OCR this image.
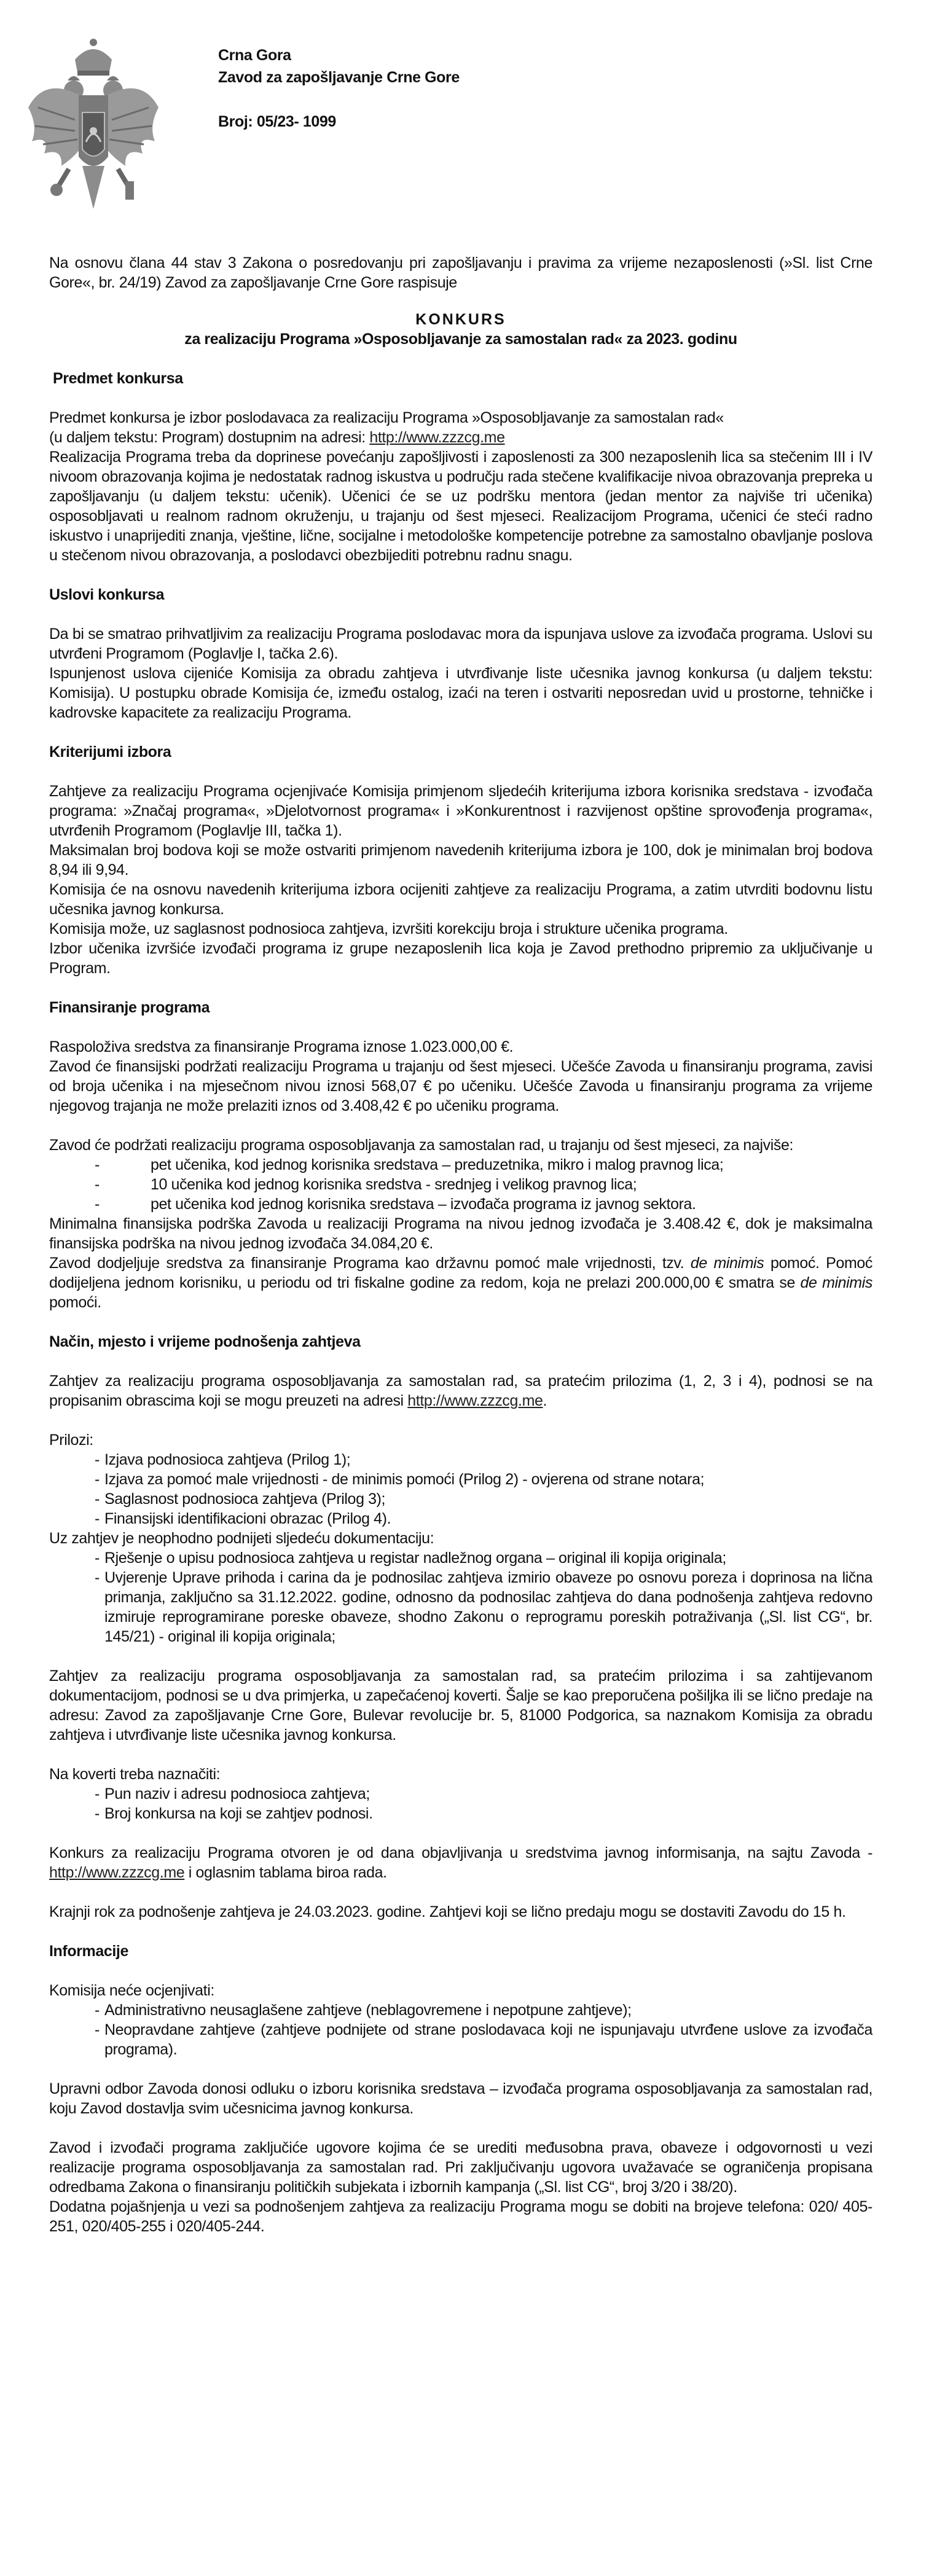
Crna Gora
Zavod za zapošljavanje Crne Gore
Broj: 05/23- 1099

Na osnovu člana 44 stav 3 Zakona o posredovanju pri zapošljavanju i pravima za vrijeme nezaposlenosti (»Sl. list Crne Gore«, br. 24/19) Zavod za zapošljavanje Crne Gore raspisuje

KONKURS
za realizaciju Programa »Osposobljavanje za samostalan rad« za 2023. godinu
Predmet konkursa

Predmet konkursa je izbor poslodavaca za realizaciju Programa »Osposobljavanje za samostalan rad«
(u daljem tekstu: Program) dostupnim na adresi: http://www.zzzcg.me

Realizacija Programa treba da doprinese povećanju zapošljivosti i zaposlenosti za 300 nezaposlenih lica sa stečenim III i IV nivoom obrazovanja kojima je nedostatak radnog iskustva u području rada stečene kvalifikacije nivoa obrazovanja prepreka u zapošljavanju (u daljem tekstu: učenik). Učenici će se uz podršku mentora (jedan mentor za najviše tri učenika) osposobljavati u realnom radnom okruženju, u trajanju od šest mjeseci. Realizacijom Programa, učenici će steći radno iskustvo i unaprijediti znanja, vještine, lične, socijalne i metodološke kompetencije potrebne za samostalno obavljanje poslova u stečenom nivou obrazovanja, a poslodavci obezbijediti potrebnu radnu snagu.

Uslovi konkursa

Da bi se smatrao prihvatljivim za realizaciju Programa poslodavac mora da ispunjava uslove za izvođača programa. Uslovi su utvrđeni Programom (Poglavlje I, tačka 2.6).

Ispunjenost uslova cijeniće Komisija za obradu zahtjeva i utvrđivanje liste učesnika javnog konkursa (u daljem tekstu: Komisija). U postupku obrade Komisija će, između ostalog, izaći na teren i ostvariti neposredan uvid u prostorne, tehničke i kadrovske kapacitete za realizaciju Programa.

Kriterijumi izbora

Zahtjeve za realizaciju Programa ocjenjivaće Komisija primjenom sljedećih kriterijuma izbora korisnika sredstava - izvođača programa: »Značaj programa«, »Djelotvornost programa« i »Konkurentnost i razvijenost opštine sprovođenja programa«, utvrđenih Programom (Poglavlje III, tačka 1).

Maksimalan broj bodova koji se može ostvariti primjenom navedenih kriterijuma izbora je 100, dok je minimalan broj bodova 8,94 ili 9,94.

Komisija će na osnovu navedenih kriterijuma izbora ocijeniti zahtjeve za realizaciju Programa, a zatim utvrditi bodovnu listu učesnika javnog konkursa.

Komisija može, uz saglasnost podnosioca zahtjeva, izvršiti korekciju broja i strukture učenika programa.

Izbor učenika izvršiće izvođači programa iz grupe nezaposlenih lica koja je Zavod prethodno pripremio za uključivanje u Program.

Finansiranje programa

Raspoloživa sredstva za finansiranje Programa iznose 1.023.000,00 €.

Zavod će finansijski podržati realizaciju Programa u trajanju od šest mjeseci. Učešće Zavoda u finansiranju programa, zavisi od broja učenika i na mjesečnom nivou iznosi 568,07 € po učeniku. Učešće Zavoda u finansiranju programa za vrijeme njegovog trajanja ne može prelaziti iznos od 3.408,42 € po učeniku programa.

Zavod će podržati realizaciju programa osposobljavanja za samostalan rad, u trajanju od šest mjeseci, za najviše:

-	pet učenika, kod jednog korisnika sredstava – preduzetnika, mikro i malog pravnog lica;
-	10 učenika kod jednog korisnika sredstva - srednjeg i velikog pravnog lica;
-	pet učenika kod jednog korisnika sredstava – izvođača programa iz javnog sektora.

Minimalna finansijska podrška Zavoda u realizaciji Programa na nivou jednog izvođača je 3.408.42 €, dok je maksimalna finansijska podrška na nivou jednog izvođača 34.084,20 €.

Zavod dodjeljuje sredstva za finansiranje Programa kao državnu pomoć male vrijednosti, tzv. de minimis pomoć. Pomoć dodijeljena jednom korisniku, u periodu od tri fiskalne godine za redom, koja ne prelazi 200.000,00 € smatra se de minimis pomoći.

Način, mjesto i vrijeme podnošenja zahtjeva

Zahtjev za realizaciju programa osposobljavanja za samostalan rad, sa pratećim prilozima (1, 2, 3 i 4), podnosi se na propisanim obrascima koji se mogu preuzeti na adresi http://www.zzzcg.me.

Prilozi:

- Izjava podnosioca zahtjeva (Prilog 1);
- Izjava za pomoć male vrijednosti - de minimis pomoći (Prilog 2) - ovjerena od strane notara;
- Saglasnost podnosioca zahtjeva (Prilog 3);
- Finansijski identifikacioni obrazac (Prilog 4).

Uz zahtjev je neophodno podnijeti sljedeću dokumentaciju:

- Rješenje o upisu podnosioca zahtjeva u registar nadležnog organa – original ili kopija originala;
- Uvjerenje Uprave prihoda i carina da je podnosilac zahtjeva izmirio obaveze po osnovu poreza i doprinosa na lična primanja, zaključno sa 31.12.2022. godine, odnosno da podnosilac zahtjeva do dana podnošenja zahtjeva redovno izmiruje reprogramirane poreske obaveze, shodno Zakonu o reprogramu poreskih potraživanja („Sl. list CG“, br. 145/21) - original ili kopija originala;

Zahtjev za realizaciju programa osposobljavanja za samostalan rad, sa pratećim prilozima i sa zahtijevanom dokumentacijom, podnosi se u dva primjerka, u zapečaćenoj koverti. Šalje se kao preporučena pošiljka ili se lično predaje na adresu: Zavod za zapošljavanje Crne Gore, Bulevar revolucije br. 5, 81000 Podgorica, sa naznakom Komisija za obradu zahtjeva i utvrđivanje liste učesnika javnog konkursa.

Na koverti treba naznačiti:

- Pun naziv i adresu podnosioca zahtjeva;
- Broj konkursa na koji se zahtjev podnosi.

Konkurs za realizaciju Programa otvoren je od dana objavljivanja u sredstvima javnog informisanja, na sajtu Zavoda - http://www.zzzcg.me i oglasnim tablama biroa rada.

Krajnji rok za podnošenje zahtjeva je 24.03.2023. godine. Zahtjevi koji se lično predaju mogu se dostaviti Zavodu do 15 h.

Informacije

Komisija neće ocjenjivati:

- Administrativno neusaglašene zahtjeve (neblagovremene i nepotpune zahtjeve);
- Neopravdane zahtjeve (zahtjeve podnijete od strane poslodavaca koji ne ispunjavaju utvrđene uslove za izvođača programa).

Upravni odbor Zavoda donosi odluku o izboru korisnika sredstava – izvođača programa osposobljavanja za samostalan rad, koju Zavod dostavlja svim učesnicima javnog konkursa.

Zavod i izvođači programa zaključiće ugovore kojima će se urediti međusobna prava, obaveze i odgovornosti u vezi realizacije programa osposobljavanja za samostalan rad. Pri zaključivanju ugovora uvažavaće se ograničenja propisana odredbama Zakona o finansiranju političkih subjekata i izbornih kampanja („Sl. list CG“, broj 3/20 i 38/20).

Dodatna pojašnjenja u vezi sa podnošenjem zahtjeva za realizaciju Programa mogu se dobiti na brojeve telefona: 020/ 405-251, 020/405-255 i 020/405-244.
